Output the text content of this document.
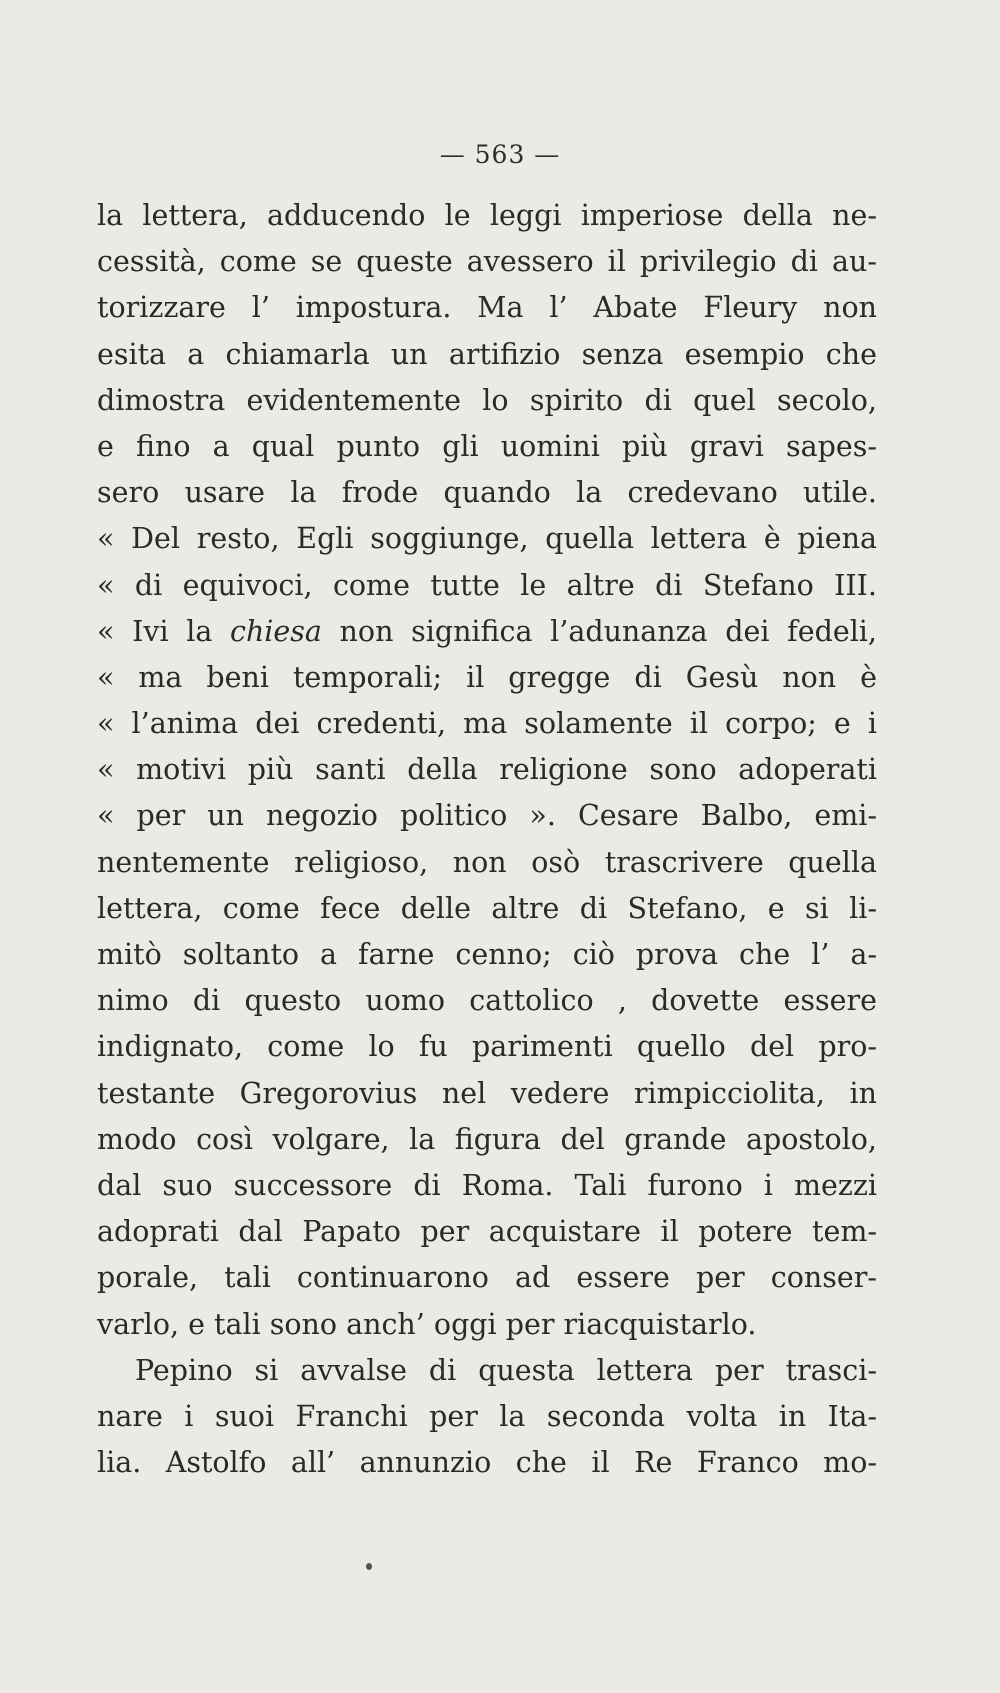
— 563 —
la lettera, adducendo le leggi imperiose della ne-
cessità, come se queste avessero il privilegio di au-
torizzare l’ impostura. Ma l’ Abate Fleury non
esita a chiamarla un artifizio senza esempio che
dimostra evidentemente lo spirito di quel secolo,
e fino a qual punto gli uomini più gravi sapes-
sero usare la frode quando la credevano utile.
« Del resto, Egli soggiunge, quella lettera è piena
« di equivoci, come tutte le altre di Stefano III.
« Ivi la chiesa non significa l’adunanza dei fedeli,
« ma beni temporali; il gregge di Gesù non è
« l’anima dei credenti, ma solamente il corpo; e i
« motivi più santi della religione sono adoperati
« per un negozio politico ». Cesare Balbo, emi-
nentemente religioso, non osò trascrivere quella
lettera, come fece delle altre di Stefano, e si li-
mitò soltanto a farne cenno; ciò prova che l’ a-
nimo di questo uomo cattolico , dovette essere
indignato, come lo fu parimenti quello del pro-
testante Gregorovius nel vedere rimpicciolita, in
modo così volgare, la figura del grande apostolo,
dal suo successore di Roma. Tali furono i mezzi
adoprati dal Papato per acquistare il potere tem-
porale, tali continuarono ad essere per conser-
varlo, e tali sono anch’ oggi per riacquistarlo.
Pepino si avvalse di questa lettera per trasci-
nare i suoi Franchi per la seconda volta in Ita-
lia. Astolfo all’ annunzio che il Re Franco mo-
